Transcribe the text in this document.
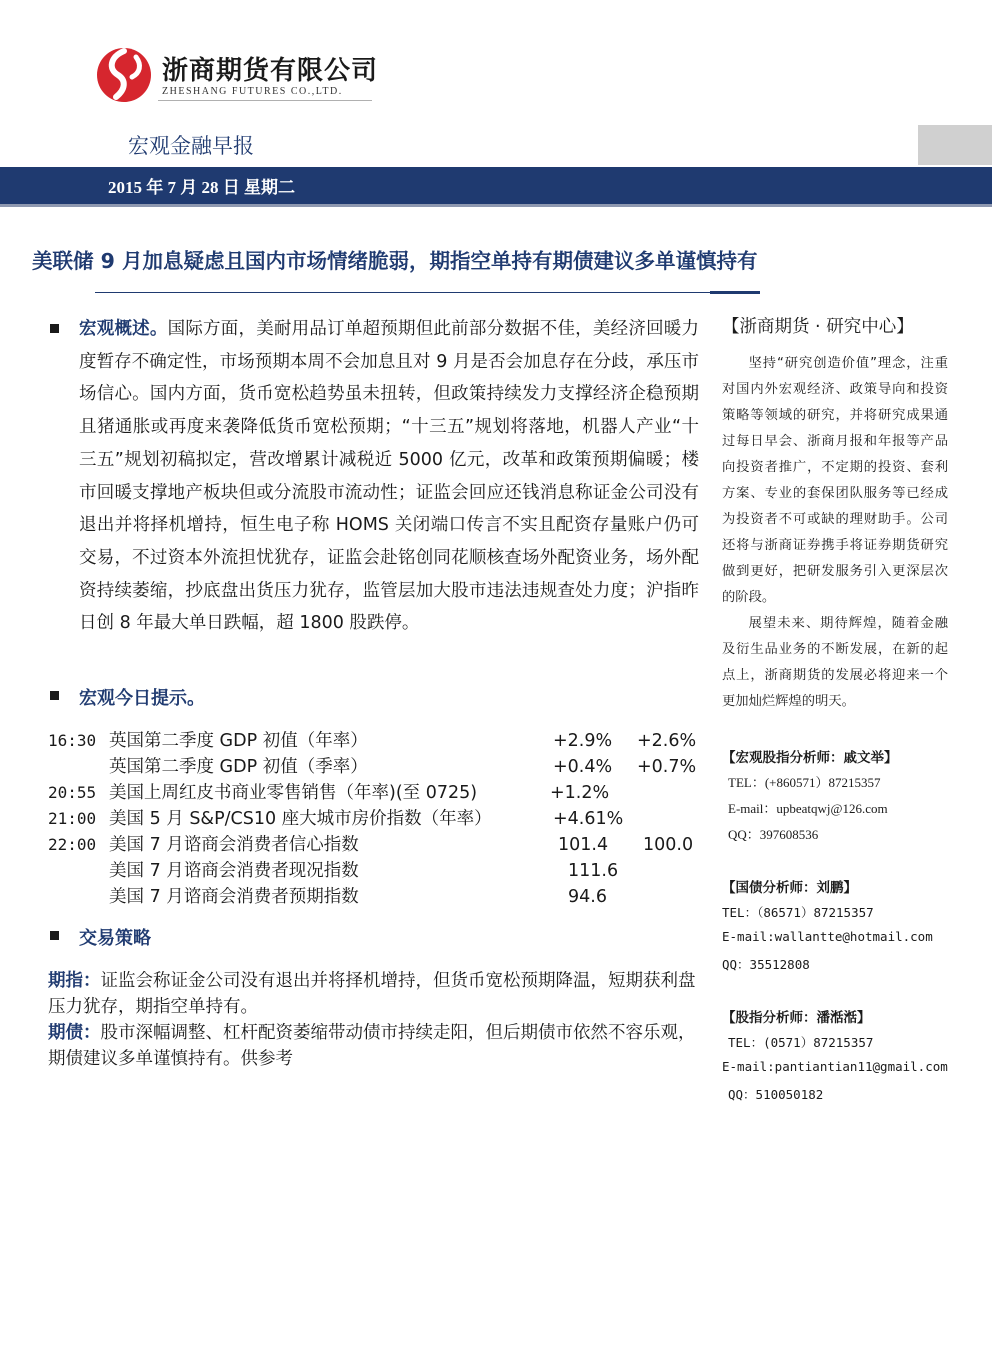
浙商期货有限公司
ZHESHANG FUTURES CO.,LTD.
宏观金融早报
2015 年 7 月 28 日 星期二
美联储 9 月加息疑虑且国内市场情绪脆弱，期指空单持有期债建议多单谨慎持有
宏观概述。国际方面，美耐用品订单超预期但此前部分数据不佳，美经济回暖力度暂存不确定性，市场预期本周不会加息且对 9 月是否会加息存在分歧，承压市场信心。国内方面，货币宽松趋势虽未扭转，但政策持续发力支撑经济企稳预期且猪通胀或再度来袭降低货币宽松预期；“十三五”规划将落地，机器人产业“十三五”规划初稿拟定，营改增累计减税近 5000 亿元，改革和政策预期偏暖；楼市回暖支撑地产板块但或分流股市流动性；证监会回应还钱消息称证金公司没有退出并将择机增持，恒生电子称 HOMS 关闭端口传言不实且配资存量账户仍可交易，不过资本外流担忧犹存，证监会赴铭创同花顺核查场外配资业务，场外配资持续萎缩，抄底盘出货压力犹存，监管层加大股市违法违规查处力度；沪指昨日创 8 年最大单日跌幅，超 1800 股跌停。
宏观今日提示。
16:30 英国第二季度 GDP 初值（年率）	+2.9% +2.6%
英国第二季度 GDP 初值（季率）	+0.4% +0.7%
20:55 美国上周红皮书商业零售销售（年率)(至 0725)	+1.2%
21:00 美国 5 月 S&P/CS10 座大城市房价指数（年率）	+4.61%
22:00 美国 7 月谘商会消费者信心指数	101.4 100.0
美国 7 月谘商会消费者现况指数	111.6
美国 7 月谘商会消费者预期指数	94.6
交易策略
期指：证监会称证金公司没有退出并将择机增持，但货币宽松预期降温，短期获利盘压力犹存，期指空单持有。
期债：股市深幅调整、杠杆配资萎缩带动债市持续走阳，但后期债市依然不容乐观，期债建议多单谨慎持有。供参考
【浙商期货 · 研究中心】
坚持“研究创造价值”理念，注重对国内外宏观经济、政策导向和投资策略等领域的研究，并将研究成果通过每日早会、浙商月报和年报等产品向投资者推广，不定期的投资、套利方案、专业的套保团队服务等已经成为投资者不可或缺的理财助手。公司还将与浙商证券携手将证券期货研究做到更好，把研发服务引入更深层次的阶段。
展望未来、期待辉煌，随着金融及衍生品业务的不断发展，在新的起点上，浙商期货的发展必将迎来一个更加灿烂辉煌的明天。
【宏观股指分析师：戚文举】
TEL：(+860571）87215357
E-mail：upbeatqwj@126.com
QQ：397608536
【国债分析师：刘鹏】
TEL：（86571）87215357
E-mail:wallantte@hotmail.com
QQ：35512808
【股指分析师：潘湉湉】
TEL：(0571）87215357
E-mail:pantiantian11@gmail.com
QQ：510050182
